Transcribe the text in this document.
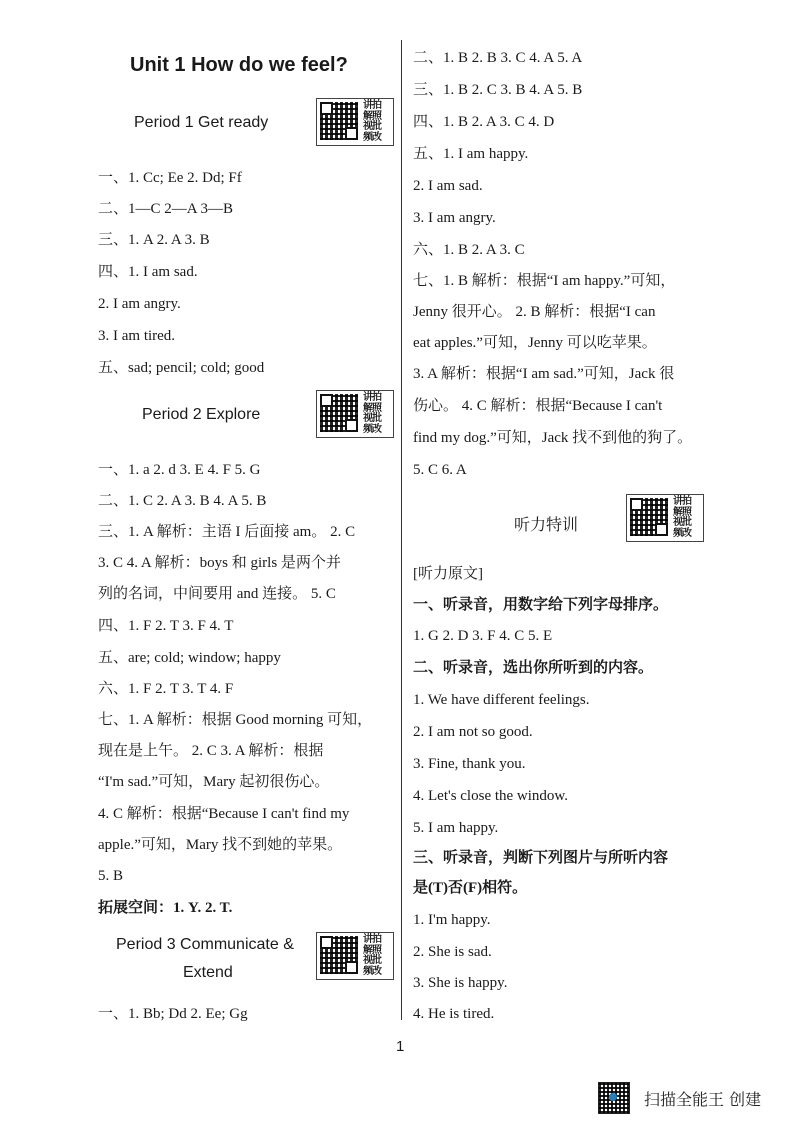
Unit 1 How do we feel?
讲拍
解照
视批
频改
讲拍
解照
视批
频改
讲拍
解照
视批
频改
讲拍
解照
视批
频改
Period 1 Get ready
一、1. Cc; Ee 2. Dd; Ff
二、1—C 2—A 3—B
三、1. A 2. A 3. B
四、1. I am sad.
2. I am angry.
3. I am tired.
五、sad; pencil; cold; good
Period 2 Explore
一、1. a 2. d 3. E 4. F 5. G
二、1. C 2. A 3. B 4. A 5. B
三、1. A 解析：主语 I 后面接 am。 2. C
3. C 4. A 解析：boys 和 girls 是两个并
列的名词，中间要用 and 连接。 5. C
四、1. F 2. T 3. F 4. T
五、are; cold; window; happy
六、1. F 2. T 3. T 4. F
七、1. A 解析：根据 Good morning 可知，
现在是上午。 2. C 3. A 解析：根据
“I'm sad.”可知，Mary 起初很伤心。
4. C 解析：根据“Because I can't find my
apple.”可知，Mary 找不到她的苹果。
5. B
拓展空间：1. Y. 2. T.
Period 3 Communicate &
Extend
一、1. Bb; Dd 2. Ee; Gg
二、1. B 2. B 3. C 4. A 5. A
三、1. B 2. C 3. B 4. A 5. B
四、1. B 2. A 3. C 4. D
五、1. I am happy.
2. I am sad.
3. I am angry.
六、1. B 2. A 3. C
七、1. B 解析：根据“I am happy.”可知，
Jenny 很开心。 2. B 解析：根据“I can
eat apples.”可知，Jenny 可以吃苹果。
3. A 解析：根据“I am sad.”可知，Jack 很
伤心。 4. C 解析：根据“Because I can't
find my dog.”可知，Jack 找不到他的狗了。
5. C 6. A
听力特训
[听力原文]
一、听录音，用数字给下列字母排序。
1. G 2. D 3. F 4. C 5. E
二、听录音，选出你所听到的内容。
1. We have different feelings.
2. I am not so good.
3. Fine, thank you.
4. Let's close the window.
5. I am happy.
三、听录音，判断下列图片与所听内容
是(T)否(F)相符。
1. I'm happy.
2. She is sad.
3. She is happy.
4. He is tired.
1
扫描全能王 创建
